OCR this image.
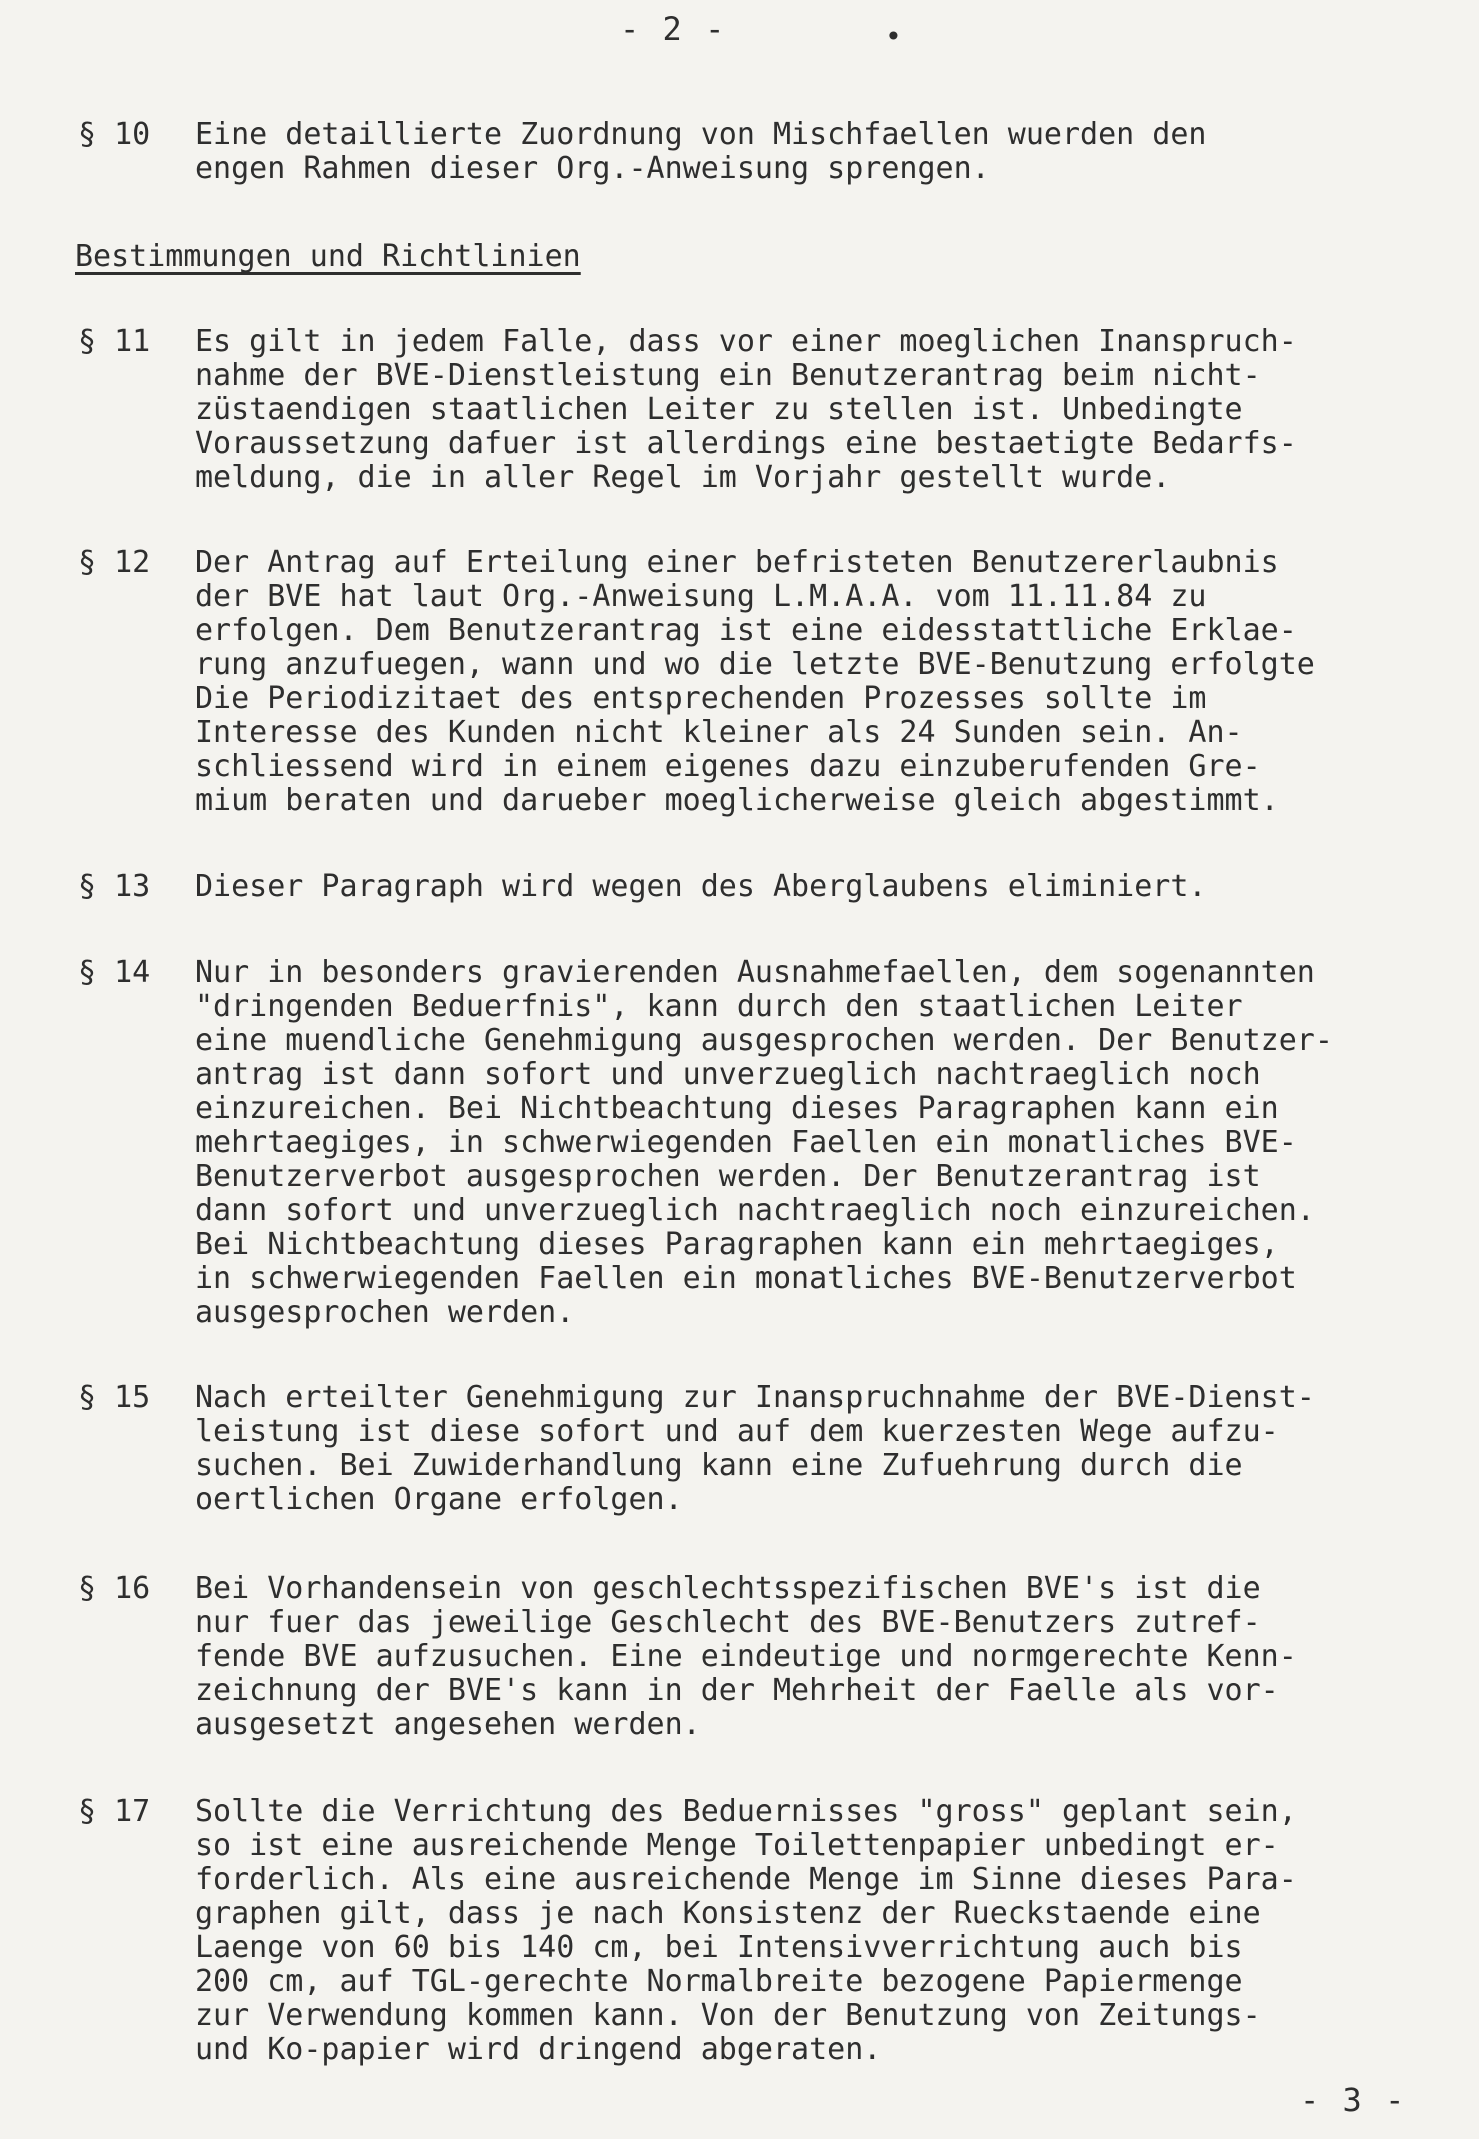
- 2 -	•
§ 10	Eine detaillierte Zuordnung von Mischfaellen wuerden den
engen Rahmen dieser Org.-Anweisung sprengen.
Bestimmungen und Richtlinien
§ 11	Es gilt in jedem Falle, dass vor einer moeglichen Inanspruch-
nahme der BVE-Dienstleistung ein Benutzerantrag beim nicht-
züstaendigen staatlichen Leiter zu stellen ist. Unbedingte
Voraussetzung dafuer ist allerdings eine bestaetigte Bedarfs-
meldung, die in aller Regel im Vorjahr gestellt wurde.
§ 12	Der Antrag auf Erteilung einer befristeten Benutzererlaubnis
der BVE hat laut Org.-Anweisung L.M.A.A. vom 11.11.84 zu
erfolgen. Dem Benutzerantrag ist eine eidesstattliche Erklae-
rung anzufuegen, wann und wo die letzte BVE-Benutzung erfolgte
Die Periodizitaet des entsprechenden Prozesses sollte im
Interesse des Kunden nicht kleiner als 24 Sunden sein. An-
schliessend wird in einem eigenes dazu einzuberufenden Gre-
mium beraten und darueber moeglicherweise gleich abgestimmt.
§ 13	Dieser Paragraph wird wegen des Aberglaubens eliminiert.
§ 14	Nur in besonders gravierenden Ausnahmefaellen, dem sogenannten
"dringenden Beduerfnis", kann durch den staatlichen Leiter
eine muendliche Genehmigung ausgesprochen werden. Der Benutzer-
antrag ist dann sofort und unverzueglich nachtraeglich noch
einzureichen. Bei Nichtbeachtung dieses Paragraphen kann ein
mehrtaegiges, in schwerwiegenden Faellen ein monatliches BVE-
Benutzerverbot ausgesprochen werden. Der Benutzerantrag ist
dann sofort und unverzueglich nachtraeglich noch einzureichen.
Bei Nichtbeachtung dieses Paragraphen kann ein mehrtaegiges,
in schwerwiegenden Faellen ein monatliches BVE-Benutzerverbot
ausgesprochen werden.
§ 15	Nach erteilter Genehmigung zur Inanspruchnahme der BVE-Dienst-
leistung ist diese sofort und auf dem kuerzesten Wege aufzu-
suchen. Bei Zuwiderhandlung kann eine Zufuehrung durch die
oertlichen Organe erfolgen.
§ 16	Bei Vorhandensein von geschlechtsspezifischen BVE's ist die
nur fuer das jeweilige Geschlecht des BVE-Benutzers zutref-
fende BVE aufzusuchen. Eine eindeutige und normgerechte Kenn-
zeichnung der BVE's kann in der Mehrheit der Faelle als vor-
ausgesetzt angesehen werden.
§ 17	Sollte die Verrichtung des Beduernisses "gross" geplant sein,
so ist eine ausreichende Menge Toilettenpapier unbedingt er-
forderlich. Als eine ausreichende Menge im Sinne dieses Para-
graphen gilt, dass je nach Konsistenz der Rueckstaende eine
Laenge von 60 bis 140 cm, bei Intensivverrichtung auch bis
200 cm, auf TGL-gerechte Normalbreite bezogene Papiermenge
zur Verwendung kommen kann. Von der Benutzung von Zeitungs-
und Ko-papier wird dringend abgeraten.
- 3 -
